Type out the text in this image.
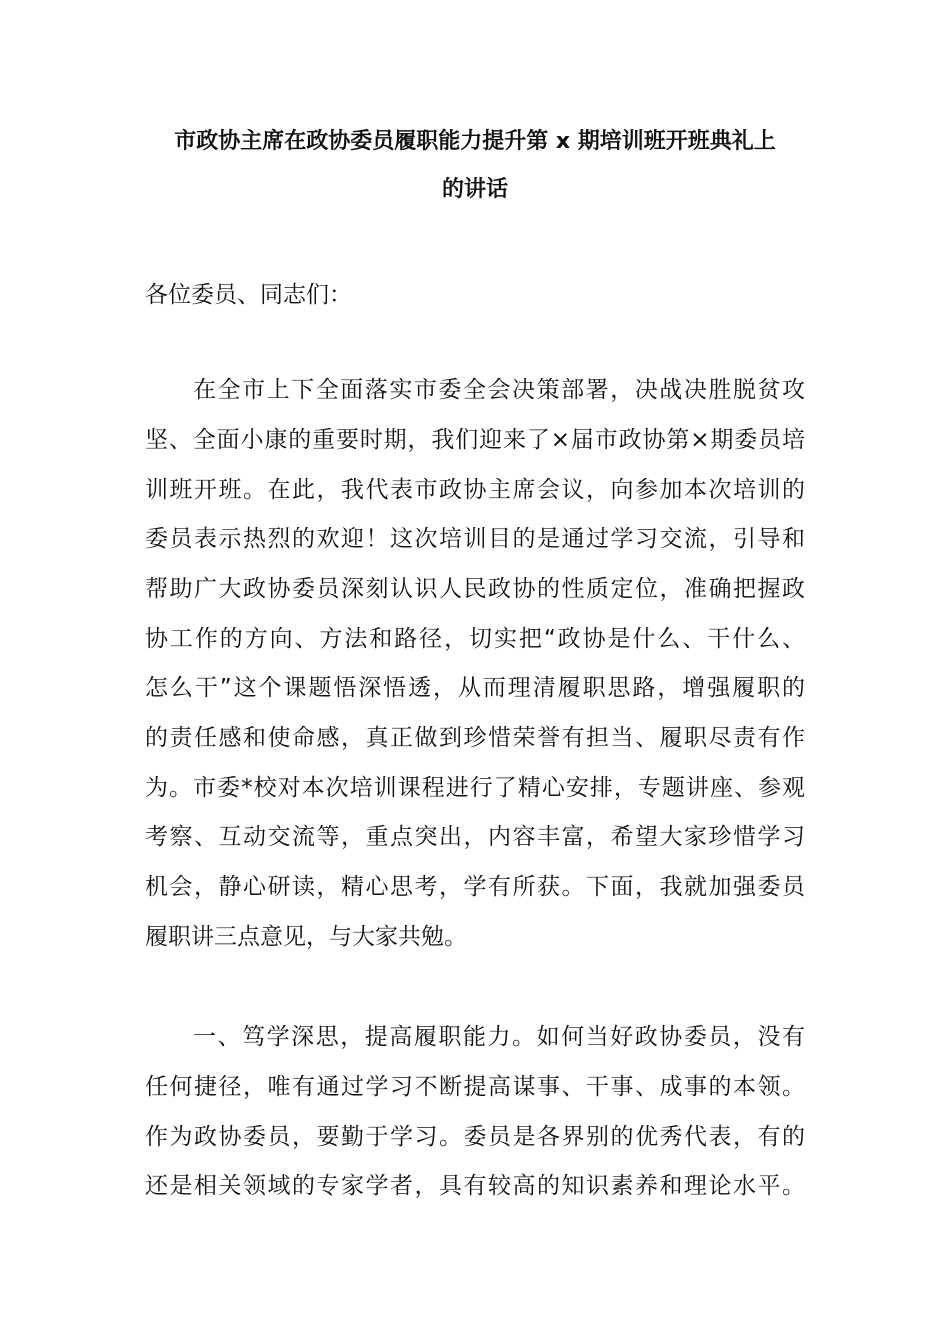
市政协主席在政协委员履职能力提升第 x 期培训班开班典礼上
的讲话
各位委员、同志们：
在全市上下全面落实市委全会决策部署，决战决胜脱贫攻
坚、全面小康的重要时期，我们迎来了×届市政协第×期委员培
训班开班。在此，我代表市政协主席会议，向参加本次培训的
委员表示热烈的欢迎！这次培训目的是通过学习交流，引导和
帮助广大政协委员深刻认识人民政协的性质定位，准确把握政
协工作的方向、方法和路径，切实把“政协是什么、干什么、
怎么干”这个课题悟深悟透，从而理清履职思路，增强履职的
的责任感和使命感，真正做到珍惜荣誉有担当、履职尽责有作
为。市委*校对本次培训课程进行了精心安排，专题讲座、参观
考察、互动交流等，重点突出，内容丰富，希望大家珍惜学习
机会，静心研读，精心思考，学有所获。下面，我就加强委员
履职讲三点意见，与大家共勉。
一、笃学深思，提高履职能力。如何当好政协委员，没有
任何捷径，唯有通过学习不断提高谋事、干事、成事的本领。
作为政协委员，要勤于学习。委员是各界别的优秀代表，有的
还是相关领域的专家学者，具有较高的知识素养和理论水平。
